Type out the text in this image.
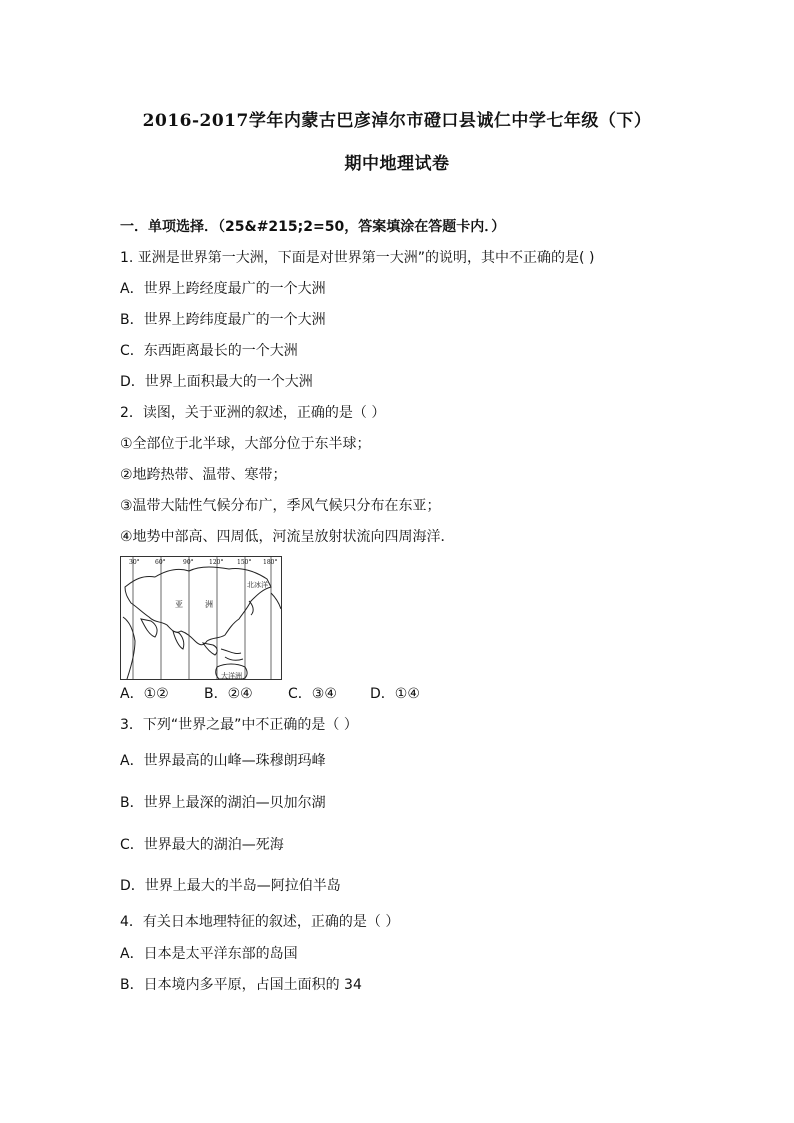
2016-2017学年内蒙古巴彦淖尔市磴口县诚仁中学七年级（下）
期中地理试卷
一．单项选择．（25&#215;2=50，答案填涂在答题卡内．）
1. 亚洲是世界第一大洲，下面是对世界第一大洲”的说明，其中不正确的是( )
A．世界上跨经度最广的一个大洲
B．世界上跨纬度最广的一个大洲
C．东西距离最长的一个大洲
D．世界上面积最大的一个大洲
2．读图，关于亚洲的叙述，正确的是（ ）
①全部位于北半球，大部分位于东半球；
②地跨热带、温带、寒带；
③温带大陆性气候分布广，季风气候只分布在东亚；
④地势中部高、四周低，河流呈放射状流向四周海洋．
30°	60°	90°	120° 150° 180°
亚	洲
北冰洋
大洋洲
A．①②	B．②④	C．③④ D．①④
3．下列“世界之最”中不正确的是（ ）
A．世界最高的山峰—珠穆朗玛峰
B．世界上最深的湖泊—贝加尔湖
C．世界最大的湖泊—死海
D．世界上最大的半岛—阿拉伯半岛
4．有关日本地理特征的叙述，正确的是（ ）
A．日本是太平洋东部的岛国
B．日本境内多平原，占国土面积的 34
